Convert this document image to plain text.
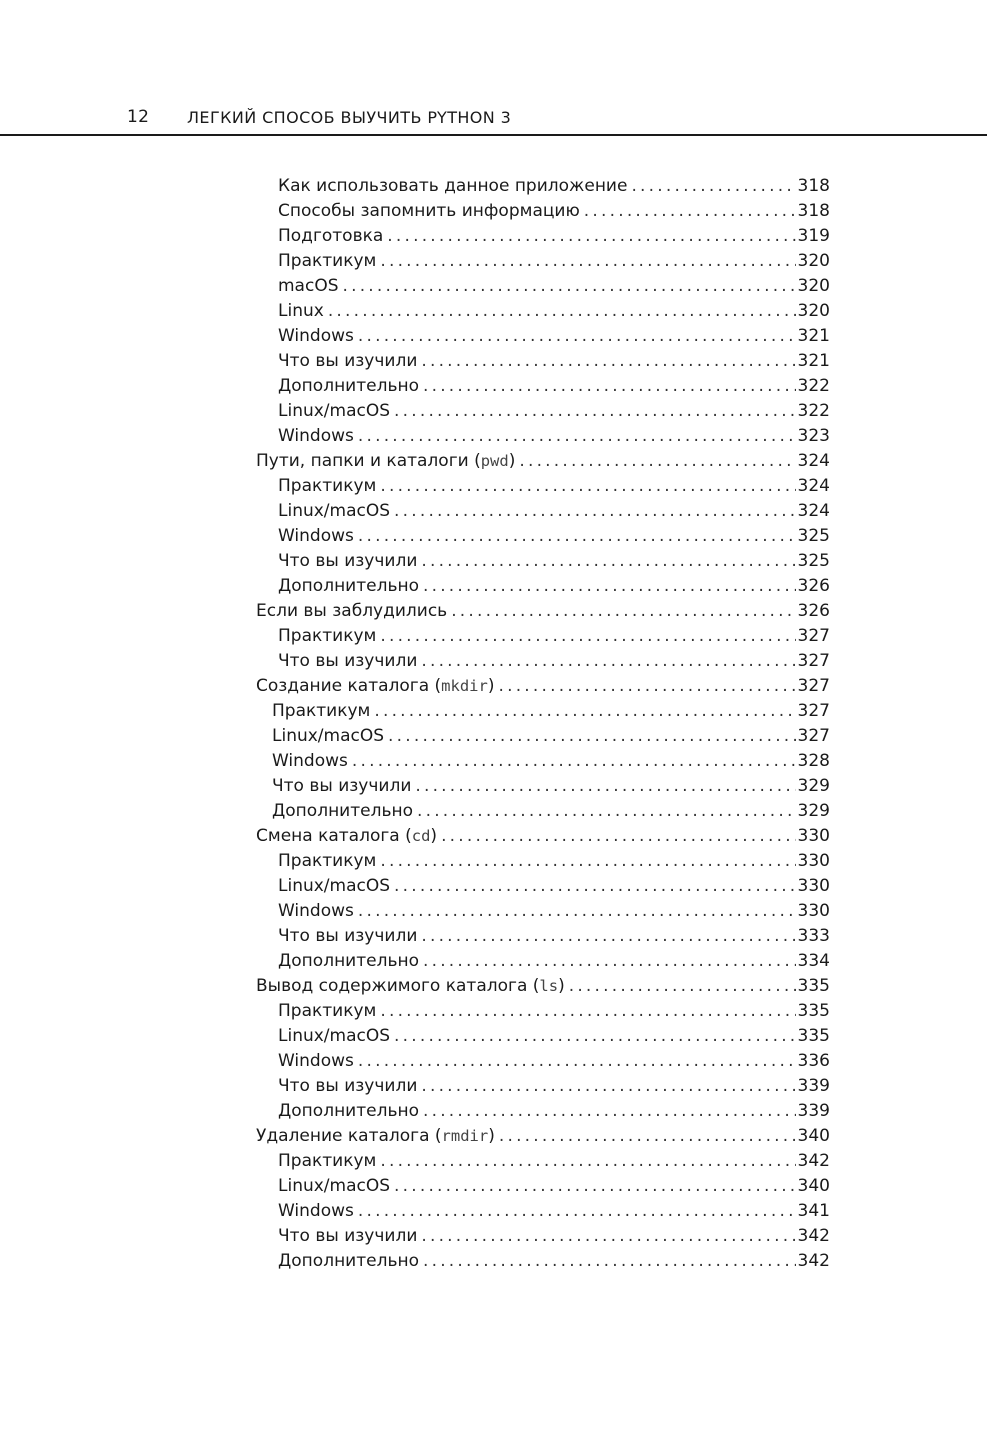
12 ЛЕГКИЙ СПОСОБ ВЫУЧИТЬ PYTHON 3
Как использовать данное приложение .....	318
Способы запомнить информацию .....	318
Подготовка .....	319
Практикум .....	320
macOS .....	320
Linux .....	320
Windows .....	321
Что вы изучили .....	321
Дополнительно .....	322
Linux/macOS .....	322
Windows .....	323
Пути, папки и каталоги (pwd) .....	324
Практикум .....	324
Linux/macOS .....	324
Windows .....	325
Что вы изучили .....	325
Дополнительно .....	326
Если вы заблудились .....	326
Практикум .....	327
Что вы изучили .....	327
Создание каталога (mkdir) .....	327
Практикум .....	327
Linux/macOS .....	327
Windows .....	328
Что вы изучили .....	329
Дополнительно .....	329
Смена каталога (cd) .....	330
Практикум .....	330
Linux/macOS .....	330
Windows .....	330
Что вы изучили .....	333
Дополнительно .....	334
Вывод содержимого каталога (ls) .....	335
Практикум .....	335
Linux/macOS .....	335
Windows .....	336
Что вы изучили .....	339
Дополнительно .....	339
Удаление каталога (rmdir) .....	340
Практикум .....	342
Linux/macOS .....	340
Windows .....	341
Что вы изучили .....	342
Дополнительно .....	342
